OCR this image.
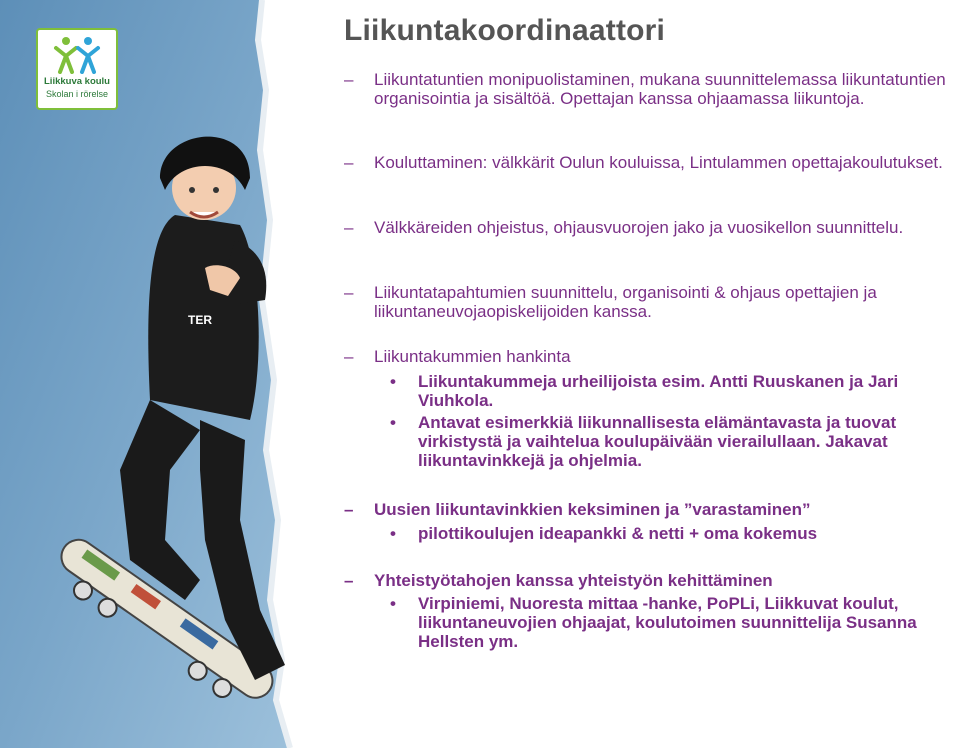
TER
Liikkuva koulu
Skolan i rörelse
Liikuntakoordinaattori
–	Liikuntatuntien monipuolistaminen, mukana suunnittelemassa liikuntatuntien organisointia ja sisältöä. Opettajan kanssa ohjaamassa liikuntoja.
–	Kouluttaminen: välkkärit Oulun kouluissa, Lintulammen opettajakoulutukset.
–	Välkkäreiden ohjeistus, ohjausvuorojen jako ja vuosikellon suunnittelu.
–	Liikuntatapahtumien suunnittelu, organisointi & ohjaus opettajien ja liikuntaneuvojaopiskelijoiden kanssa.
–	Liikuntakummien hankinta
• Liikuntakummeja urheilijoista esim. Antti Ruuskanen ja Jari Viuhkola.
• Antavat esimerkkiä liikunnallisesta elämäntavasta ja tuovat virkistystä ja vaihtelua koulupäivään vierailullaan. Jakavat liikuntavinkkejä ja ohjelmia.
–	Uusien liikuntavinkkien keksiminen ja ”varastaminen”
• pilottikoulujen ideapankki & netti + oma kokemus
–	Yhteistyötahojen kanssa yhteistyön kehittäminen
• Virpiniemi, Nuoresta mittaa -hanke, PoPLi, Liikkuvat koulut, liikuntaneuvojien ohjaajat, koulutoimen suunnittelija Susanna Hellsten ym.
